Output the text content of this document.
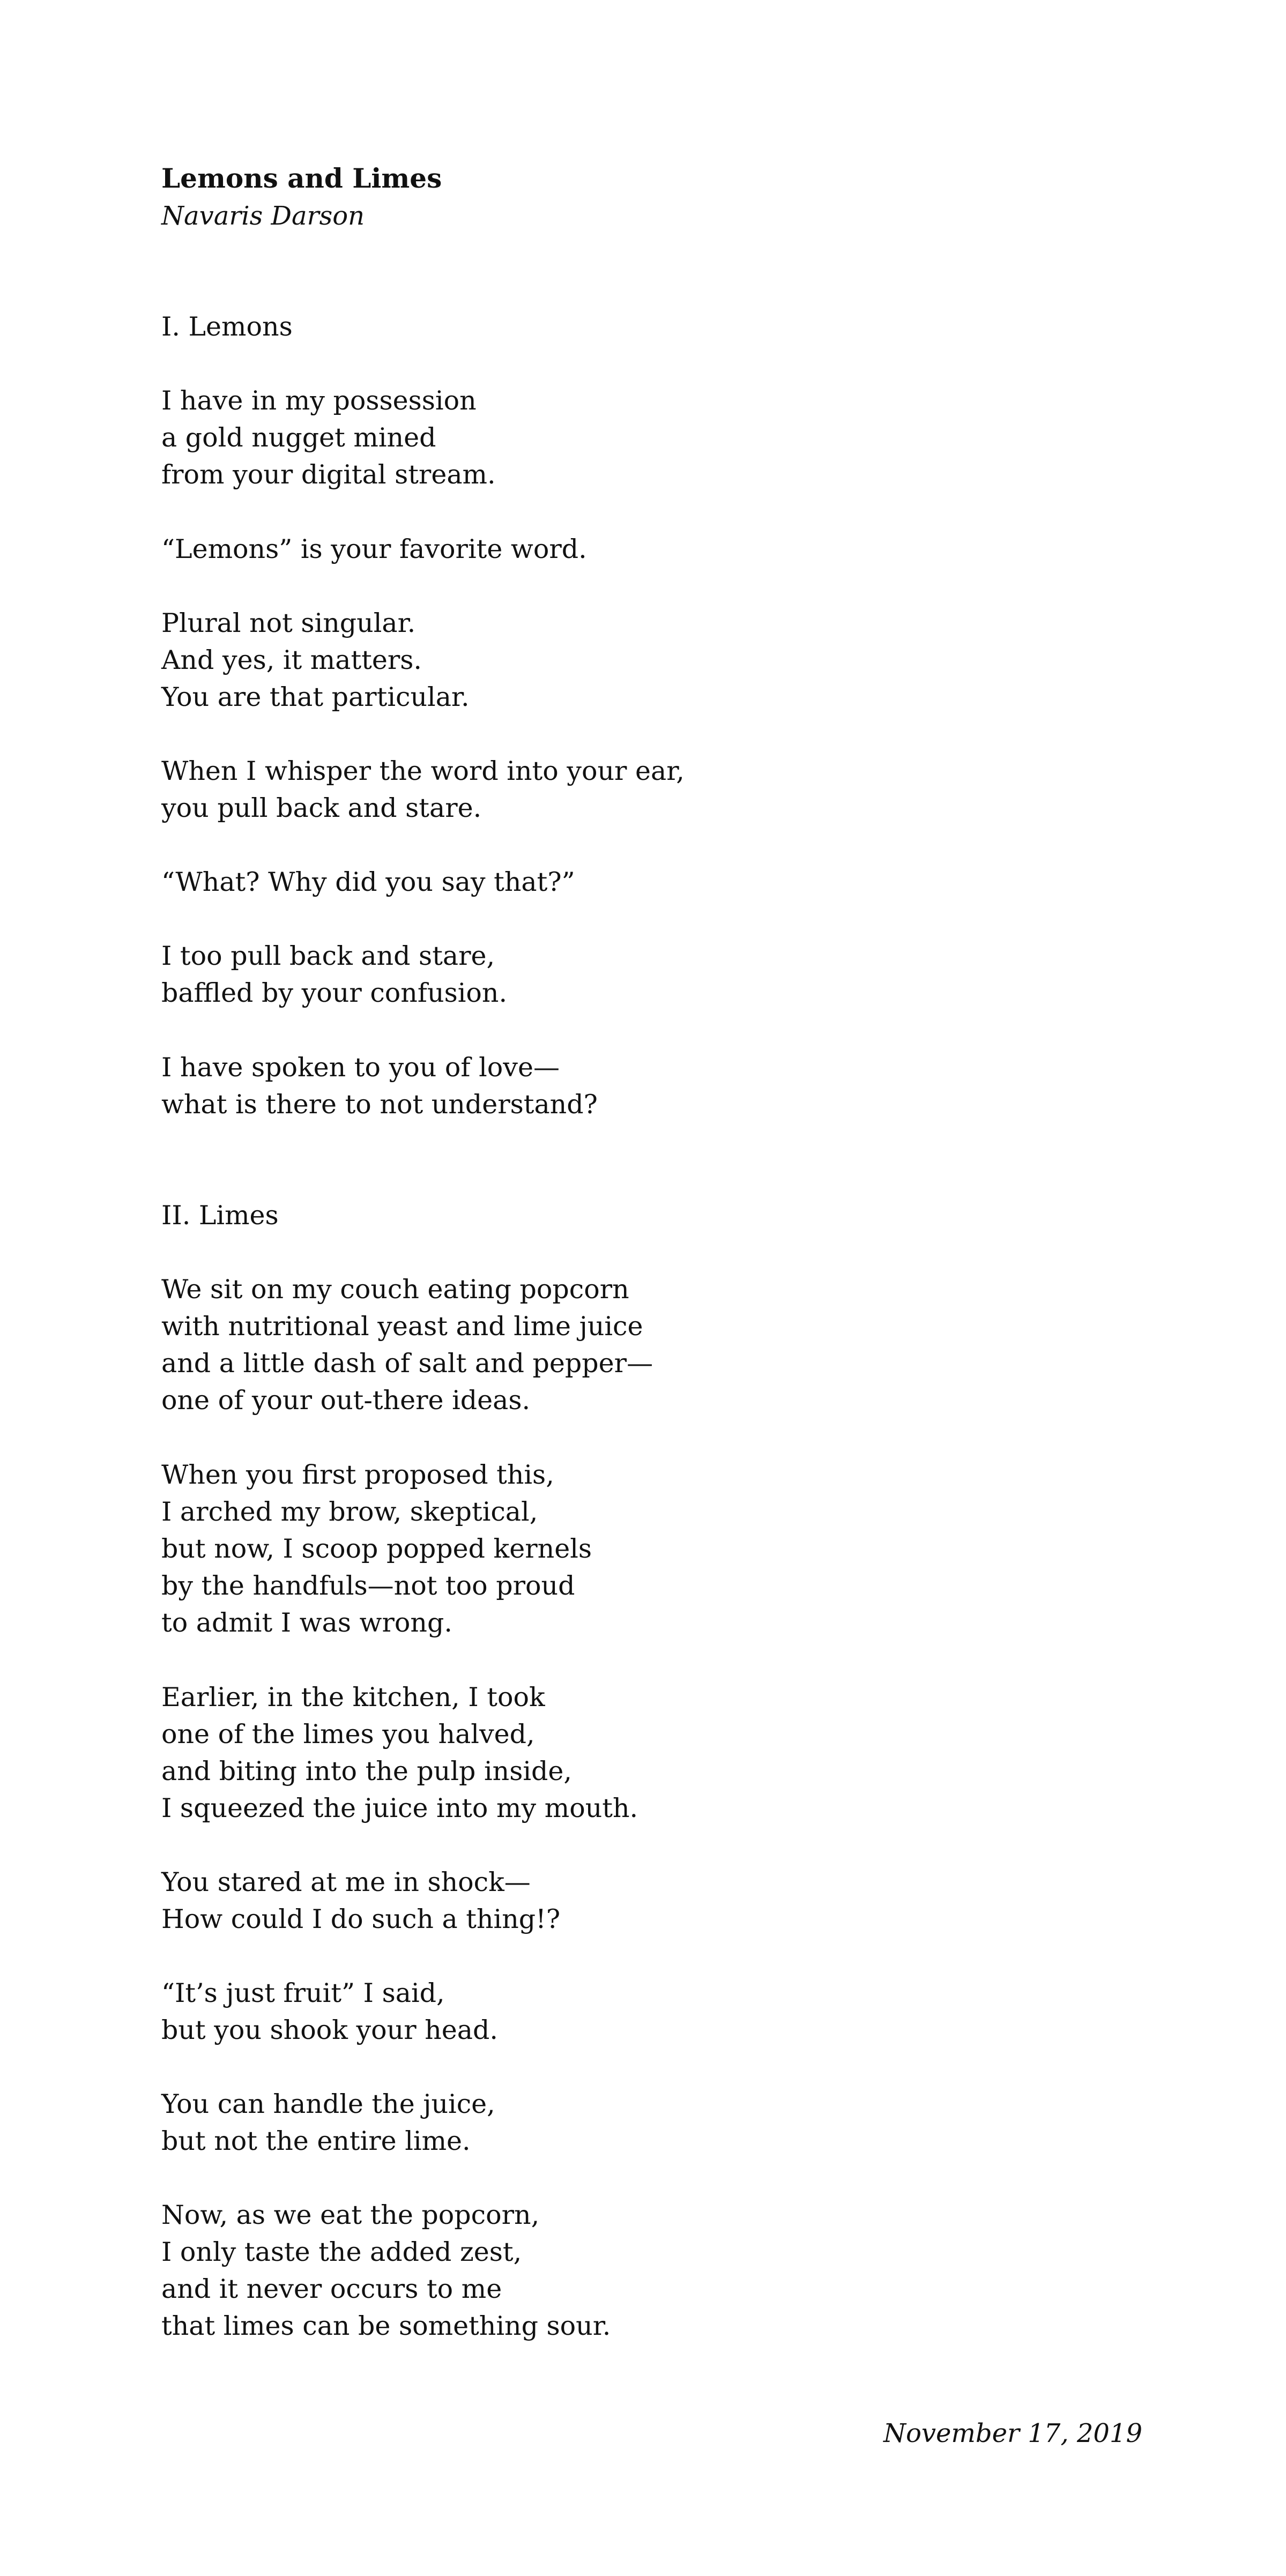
Lemons and Limes
Navaris Darson
I. Lemons

I have in my possession
a gold nugget mined
from your digital stream.

“Lemons” is your favorite word.

Plural not singular.
And yes, it matters.
You are that particular.

When I whisper the word into your ear,
you pull back and stare.

“What? Why did you say that?”

I too pull back and stare,
baffled by your confusion.

I have spoken to you of love—
what is there to not understand?

II. Limes

We sit on my couch eating popcorn
with nutritional yeast and lime juice
and a little dash of salt and pepper—
one of your out-there ideas.

When you first proposed this,
I arched my brow, skeptical,
but now, I scoop popped kernels
by the handfuls—not too proud
to admit I was wrong.

Earlier, in the kitchen, I took
one of the limes you halved,
and biting into the pulp inside,
I squeezed the juice into my mouth.

You stared at me in shock—
How could I do such a thing!?

“It’s just fruit” I said,
but you shook your head.

You can handle the juice,
but not the entire lime.

Now, as we eat the popcorn,
I only taste the added zest,
and it never occurs to me
that limes can be something sour.

November 17, 2019
